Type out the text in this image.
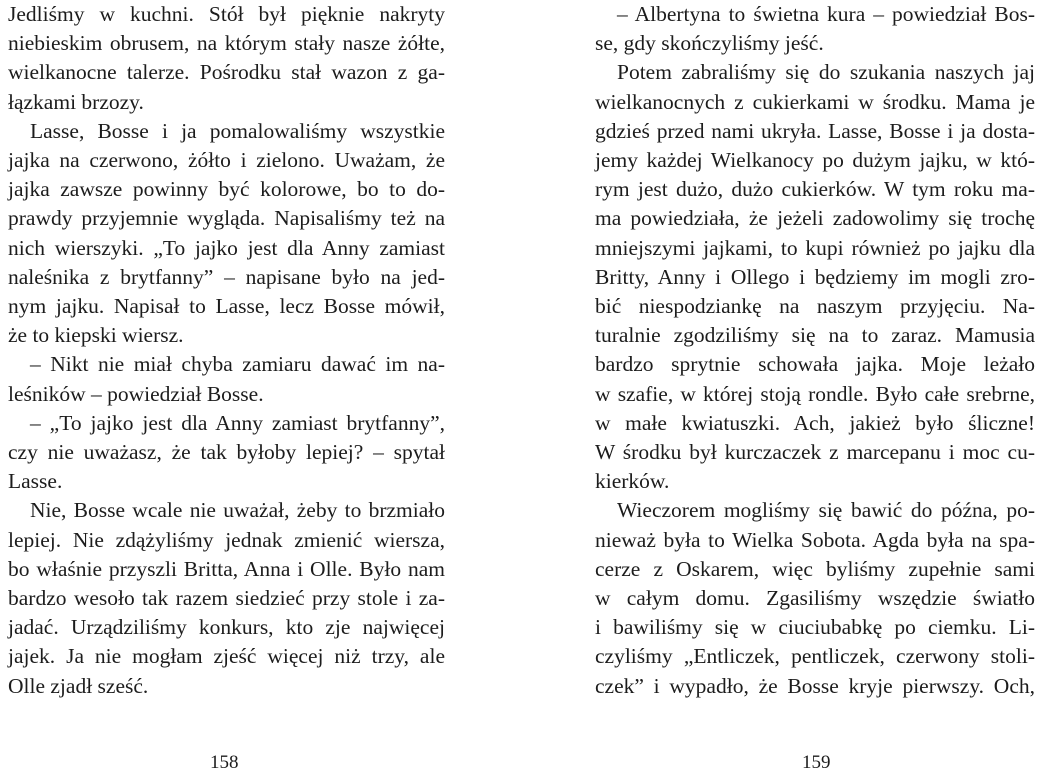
Jedliśmy w kuchni. Stół był pięknie nakryty
niebieskim obrusem, na którym stały nasze żółte,
wielkanocne talerze. Pośrodku stał wazon z ga-
łązkami brzozy.
Lasse, Bosse i ja pomalowaliśmy wszystkie
jajka na czerwono, żółto i zielono. Uważam, że
jajka zawsze powinny być kolorowe, bo to do-
prawdy przyjemnie wygląda. Napisaliśmy też na
nich wierszyki. „To jajko jest dla Anny zamiast
naleśnika z brytfanny” – napisane było na jed-
nym jajku. Napisał to Lasse, lecz Bosse mówił,
że to kiepski wiersz.
– Nikt nie miał chyba zamiaru dawać im na-
leśników – powiedział Bosse.
– „To jajko jest dla Anny zamiast brytfanny”,
czy nie uważasz, że tak byłoby lepiej? – spytał
Lasse.
Nie, Bosse wcale nie uważał, żeby to brzmiało
lepiej. Nie zdążyliśmy jednak zmienić wiersza,
bo właśnie przyszli Britta, Anna i Olle. Było nam
bardzo wesoło tak razem siedzieć przy stole i za-
jadać. Urządziliśmy konkurs, kto zje najwięcej
jajek. Ja nie mogłam zjeść więcej niż trzy, ale
Olle zjadł sześć.
158
– Albertyna to świetna kura – powiedział Bos-
se, gdy skończyliśmy jeść.
Potem zabraliśmy się do szukania naszych jaj
wielkanocnych z cukierkami w środku. Mama je
gdzieś przed nami ukryła. Lasse, Bosse i ja dosta-
jemy każdej Wielkanocy po dużym jajku, w któ-
rym jest dużo, dużo cukierków. W tym roku ma-
ma powiedziała, że jeżeli zadowolimy się trochę
mniejszymi jajkami, to kupi również po jajku dla
Britty, Anny i Ollego i będziemy im mogli zro-
bić niespodziankę na naszym przyjęciu. Na-
turalnie zgodziliśmy się na to zaraz. Mamusia
bardzo sprytnie schowała jajka. Moje leżało
w szafie, w której stoją rondle. Było całe srebrne,
w małe kwiatuszki. Ach, jakież było śliczne!
W środku był kurczaczek z marcepanu i moc cu-
kierków.
Wieczorem mogliśmy się bawić do późna, po-
nieważ była to Wielka Sobota. Agda była na spa-
cerze z Oskarem, więc byliśmy zupełnie sami
w całym domu. Zgasiliśmy wszędzie światło
i bawiliśmy się w ciuciubabkę po ciemku. Li-
czyliśmy „Entliczek, pentliczek, czerwony stoli-
czek” i wypadło, że Bosse kryje pierwszy. Och,
159
